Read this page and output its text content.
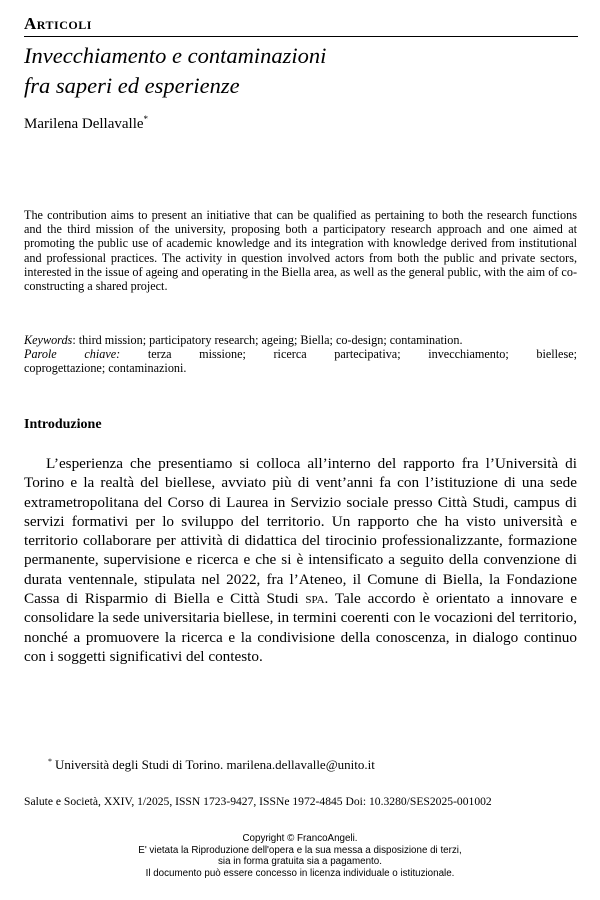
Articoli
Invecchiamento e contaminazioni
fra saperi ed esperienze
Marilena Dellavalle*
The contribution aims to present an initiative that can be qualified as pertaining to both the research functions and the third mission of the university, proposing both a participatory research approach and one aimed at promoting the public use of academic knowledge and its integration with knowledge derived from institutional and professional practices. The activity in question involved actors from both the public and private sectors, interested in the issue of ageing and operating in the Biella area, as well as the general public, with the aim of coconstructing a shared project.
Keywords: third mission; participatory research; ageing; Biella; co-design; contamination.
Parole chiave: terza missione; ricerca partecipativa; invecchiamento; biellese;
coprogettazione; contaminazioni.
Introduzione
L’esperienza che presentiamo si colloca all’interno del rapporto fra l’Università di Torino e la realtà del biellese, avviato più di vent’anni fa con l’istituzione di una sede extrametropolitana del Corso di Laurea in Servizio sociale presso Città Studi, campus di servizi formativi per lo sviluppo del territorio. Un rapporto che ha visto università e territorio collaborare per attività di didattica del tirocinio professionalizzante, formazione permanente, supervisione e ricerca e che si è intensificato a seguito della convenzione di durata ventennale, stipulata nel 2022, fra l’Ateneo, il Comune di Biella, la Fondazione Cassa di Risparmio di Biella e Città Studi spa. Tale accordo è orientato a innovare e consolidare la sede universitaria biellese, in termini coerenti con le vocazioni del territorio, nonché a promuovere la ricerca e la condivisione della conoscenza, in dialogo continuo con i soggetti significativi del contesto.
* Università degli Studi di Torino. marilena.dellavalle@unito.it
Salute e Società, XXIV, 1/2025, ISSN 1723-9427, ISSNe 1972-4845 Doi: 10.3280/SES2025-001002
Copyright © FrancoAngeli.
E' vietata la Riproduzione dell'opera e la sua messa a disposizione di terzi,
sia in forma gratuita sia a pagamento.
Il documento può essere concesso in licenza individuale o istituzionale.
